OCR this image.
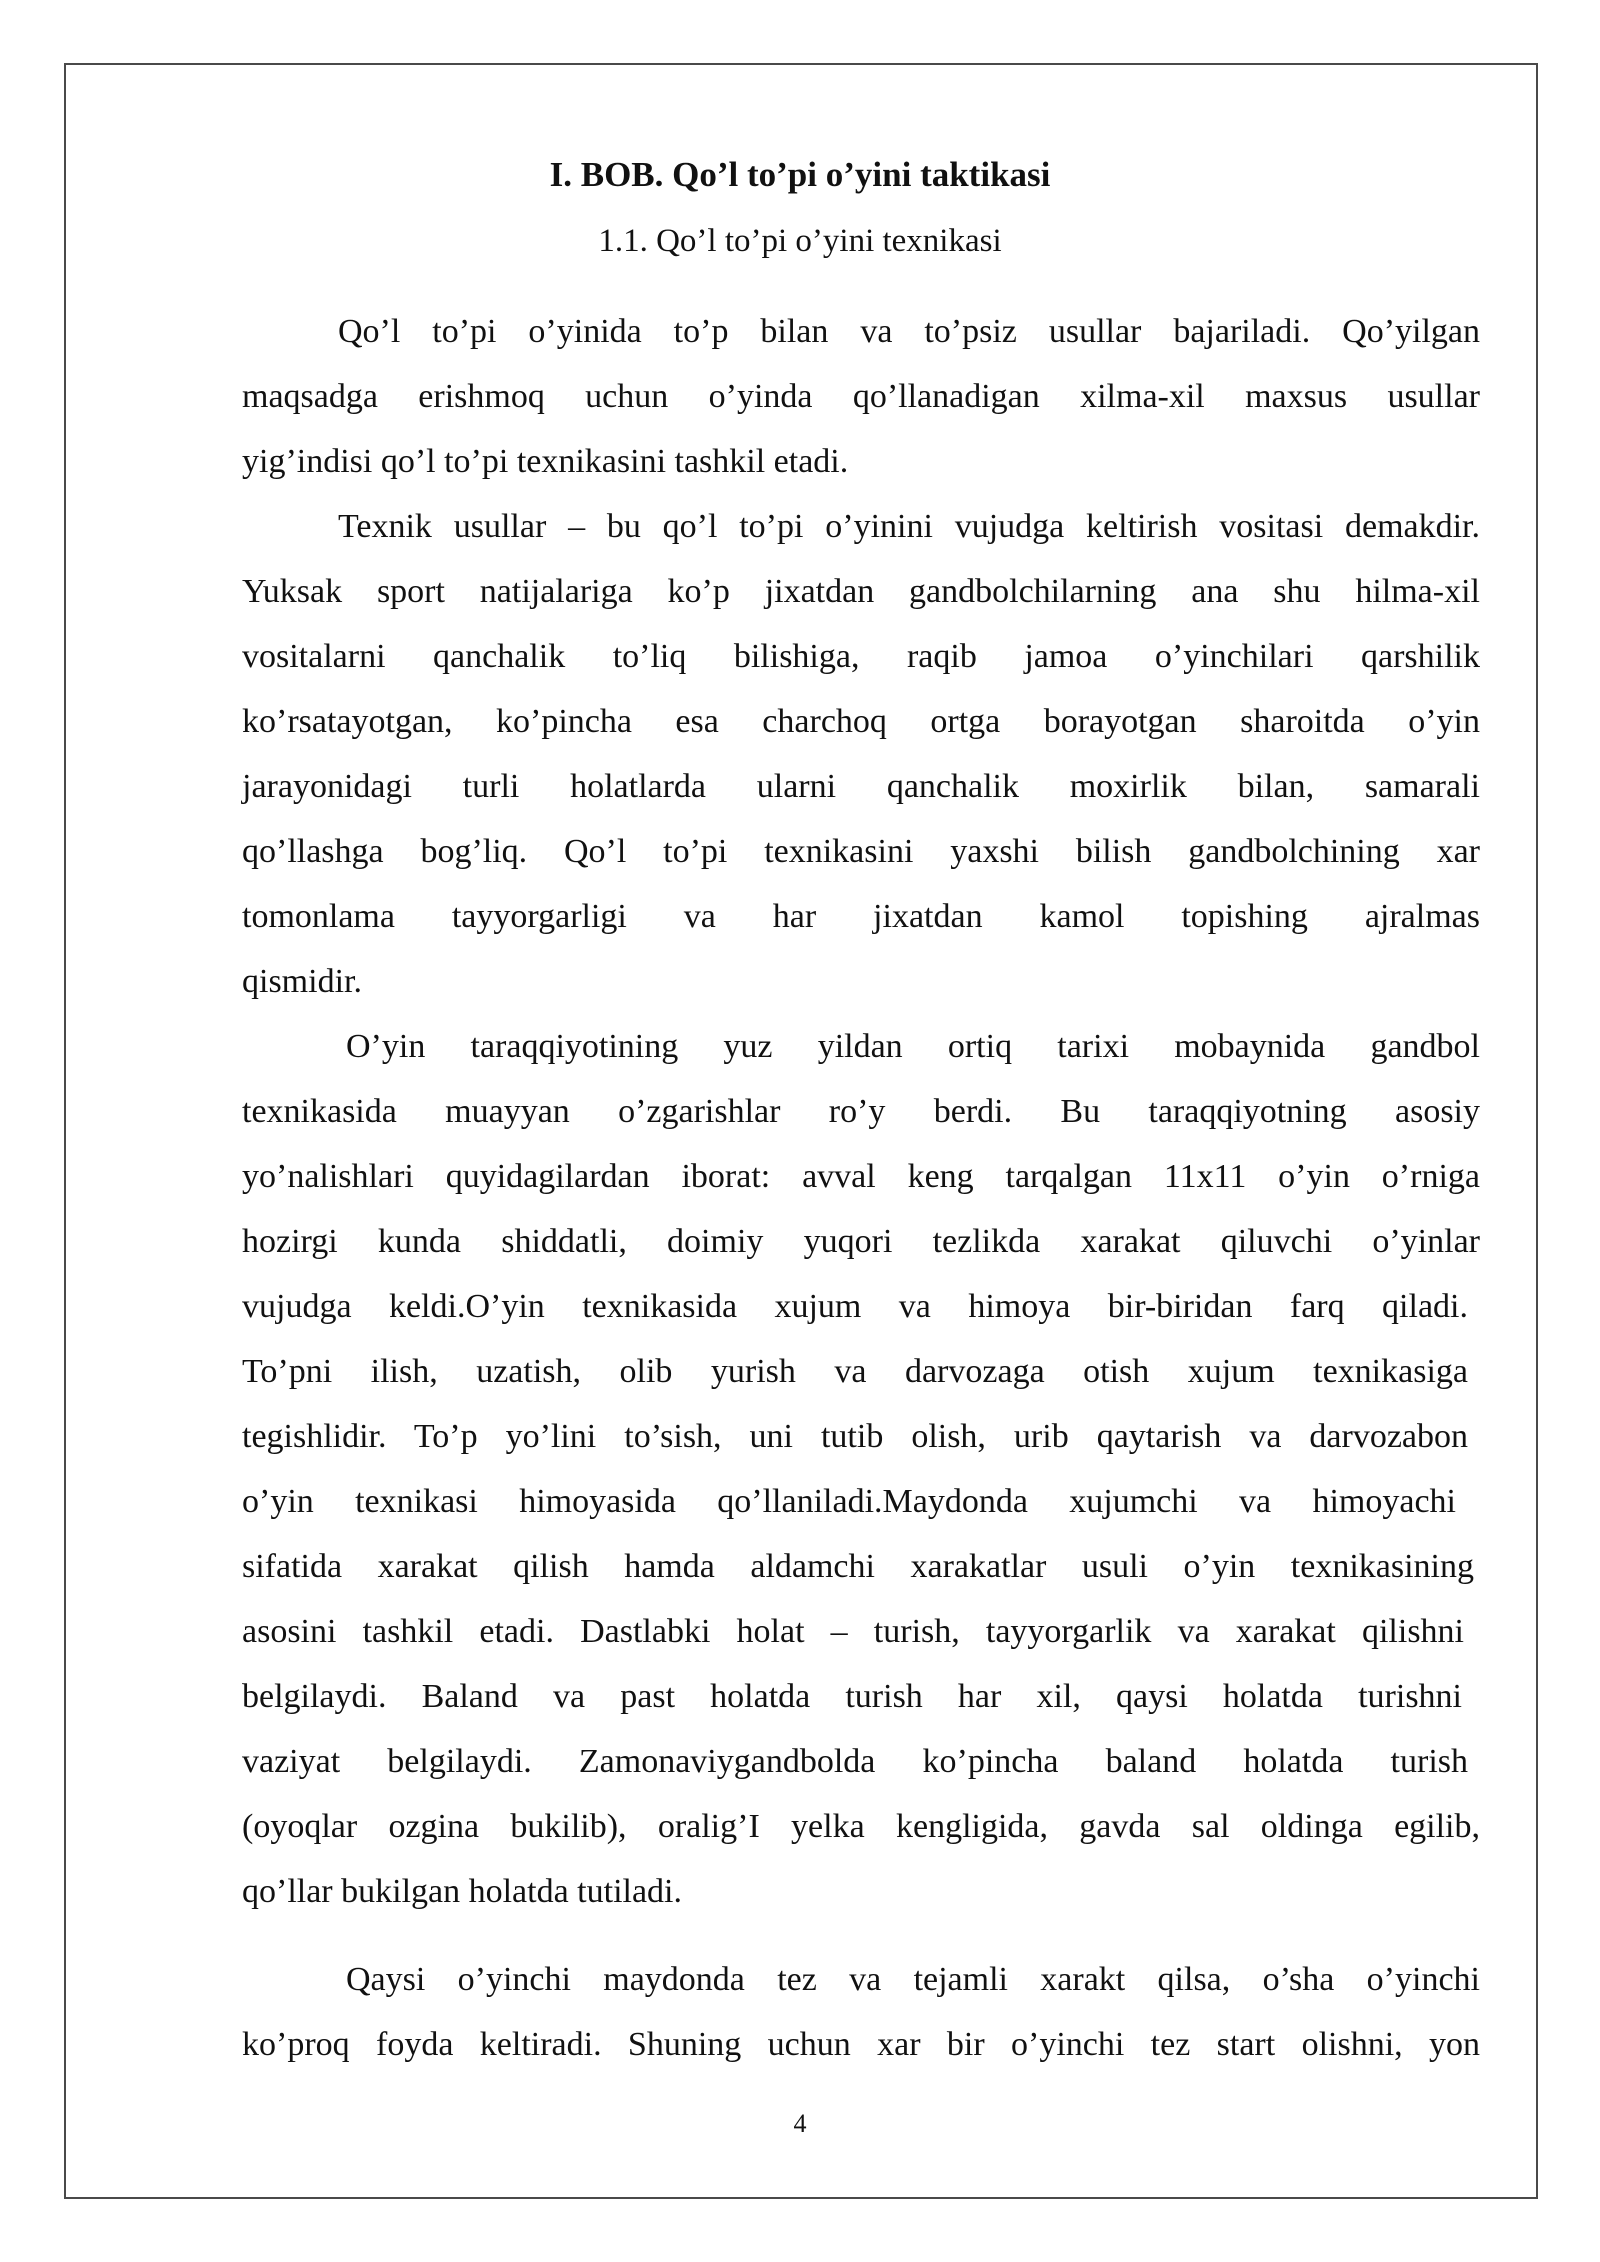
I. BOB. Qo’l to’pi o’yini taktikasi
1.1. Qo’l to’pi o’yini texnikasi
Qo’l to’pi o’yinida to’p bilan va to’psiz usullar bajariladi. Qo’yilgan
maqsadga erishmoq uchun o’yinda qo’llanadigan xilma-xil maxsus usullar
yig’indisi qo’l to’pi texnikasini tashkil etadi.
Texnik usullar – bu qo’l to’pi o’yinini vujudga keltirish vositasi demakdir.
Yuksak sport natijalariga ko’p jixatdan gandbolchilarning ana shu hilma-xil
vositalarni qanchalik to’liq bilishiga, raqib jamoa o’yinchilari qarshilik
ko’rsatayotgan, ko’pincha esa charchoq ortga borayotgan sharoitda o’yin
jarayonidagi turli holatlarda ularni qanchalik moxirlik bilan, samarali
qo’llashga bog’liq. Qo’l to’pi texnikasini yaxshi bilish gandbolchining xar
tomonlama tayyorgarligi va har jixatdan kamol topishing ajralmas
qismidir.
O’yin taraqqiyotining yuz yildan ortiq tarixi mobaynida gandbol
texnikasida muayyan o’zgarishlar ro’y berdi. Bu taraqqiyotning asosiy
yo’nalishlari quyidagilardan iborat: avval keng tarqalgan 11x11 o’yin o’rniga
hozirgi kunda shiddatli, doimiy yuqori tezlikda xarakat qiluvchi o’yinlar
vujudga keldi.O’yin texnikasida xujum va himoya bir-biridan farq qiladi.
To’pni ilish, uzatish, olib yurish va darvozaga otish xujum texnikasiga
tegishlidir. To’p yo’lini to’sish, uni tutib olish, urib qaytarish va darvozabon
o’yin texnikasi himoyasida qo’llaniladi.Maydonda xujumchi va himoyachi
sifatida xarakat qilish hamda aldamchi xarakatlar usuli o’yin texnikasining
asosini tashkil etadi. Dastlabki holat – turish, tayyorgarlik va xarakat qilishni
belgilaydi. Baland va past holatda turish har xil, qaysi holatda turishni
vaziyat belgilaydi. Zamonaviygandbolda ko’pincha baland holatda turish
(oyoqlar ozgina bukilib), oralig’I yelka kengligida, gavda sal oldinga egilib,
qo’llar bukilgan holatda tutiladi.
Qaysi o’yinchi maydonda tez va tejamli xarakt qilsa, o’sha o’yinchi
ko’proq foyda keltiradi. Shuning uchun xar bir o’yinchi tez start olishni, yon
4
